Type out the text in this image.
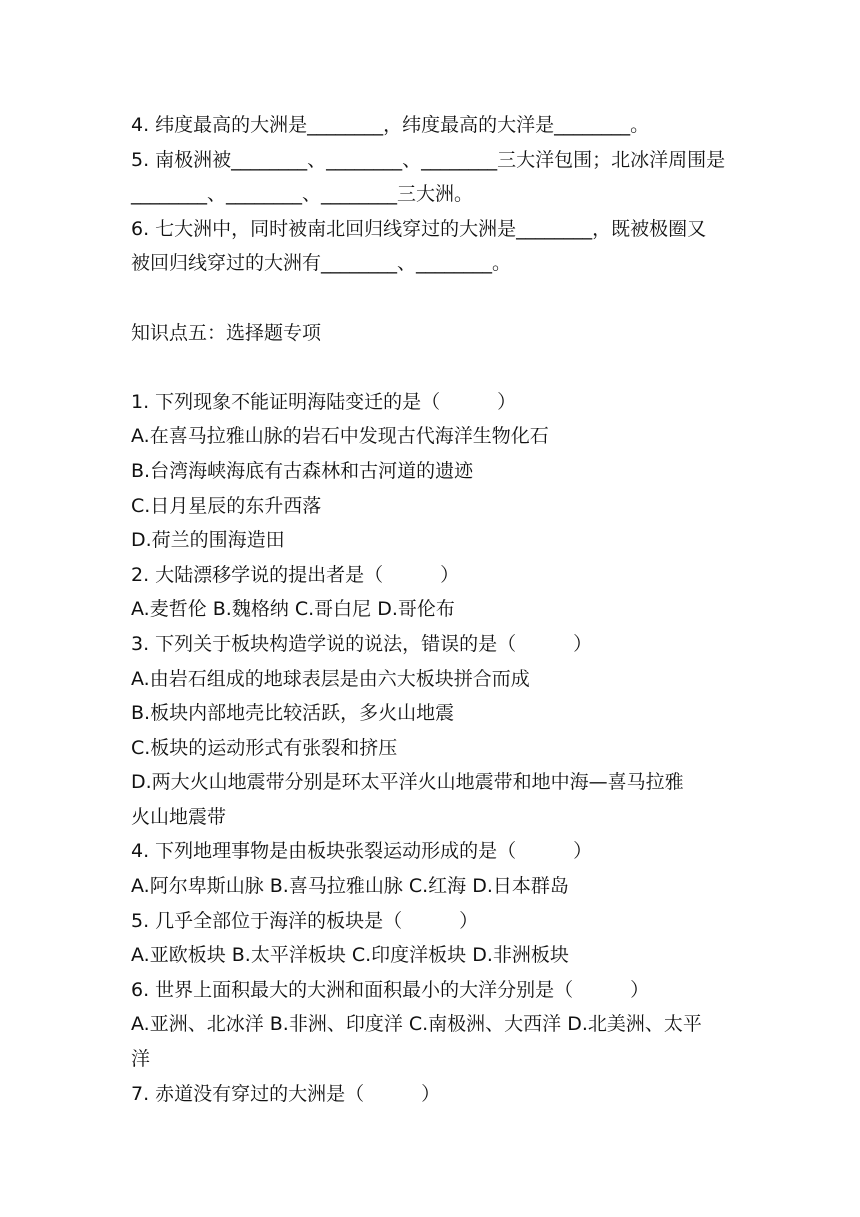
4. 纬度最高的大洲是________，纬度最高的大洋是________。
5. 南极洲被________、________、________三大洋包围；北冰洋周围是
________、________、________三大洲。
6. 七大洲中，同时被南北回归线穿过的大洲是________，既被极圈又
被回归线穿过的大洲有________、________。
知识点五：选择题专项
1. 下列现象不能证明海陆变迁的是（　　　）
A.在喜马拉雅山脉的岩石中发现古代海洋生物化石
B.台湾海峡海底有古森林和古河道的遗迹
C.日月星辰的东升西落
D.荷兰的围海造田
2. 大陆漂移学说的提出者是（　　　）
A.麦哲伦 B.魏格纳 C.哥白尼 D.哥伦布
3. 下列关于板块构造学说的说法，错误的是（　　　）
A.由岩石组成的地球表层是由六大板块拼合而成
B.板块内部地壳比较活跃，多火山地震
C.板块的运动形式有张裂和挤压
D.两大火山地震带分别是环太平洋火山地震带和地中海—喜马拉雅
火山地震带
4. 下列地理事物是由板块张裂运动形成的是（　　　）
A.阿尔卑斯山脉 B.喜马拉雅山脉 C.红海 D.日本群岛
5. 几乎全部位于海洋的板块是（　　　）
A.亚欧板块 B.太平洋板块 C.印度洋板块 D.非洲板块
6. 世界上面积最大的大洲和面积最小的大洋分别是（　　　）
A.亚洲、北冰洋 B.非洲、印度洋 C.南极洲、大西洋 D.北美洲、太平
洋
7. 赤道没有穿过的大洲是（　　　）
